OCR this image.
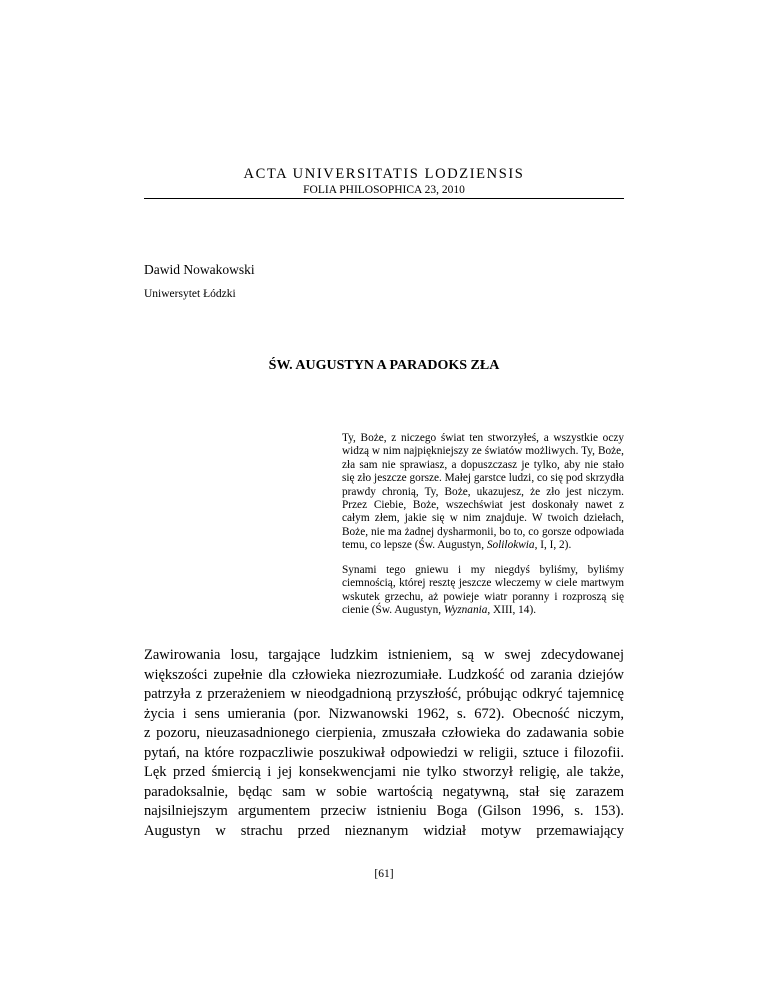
ACTA UNIVERSITATIS LODZIENSIS
FOLIA PHILOSOPHICA 23, 2010
Dawid Nowakowski
Uniwersytet Łódzki
ŚW. AUGUSTYN A PARADOKS ZŁA
Ty, Boże, z niczego świat ten stworzyłeś, a wszystkie oczy widzą w nim najpiękniejszy ze światów możliwych. Ty, Boże, zła sam nie sprawiasz, a dopuszczasz je tylko, aby nie stało się zło jeszcze gorsze. Małej garstce ludzi, co się pod skrzydła prawdy chronią, Ty, Boże, ukazujesz, że zło jest niczym. Przez Ciebie, Boże, wszechświat jest doskonały nawet z całym złem, jakie się w nim znajduje. W twoich dziełach, Boże, nie ma żadnej dysharmonii, bo to, co gorsze odpowiada temu, co lepsze (Św. Augustyn, Solilokwia, I, I, 2).
Synami tego gniewu i my niegdyś byliśmy, byliśmy ciemnością, której resztę jeszcze wleczemy w ciele martwym wskutek grzechu, aż powieje wiatr poranny i rozproszą się cienie (Św. Augustyn, Wyznania, XIII, 14).
Zawirowania losu, targające ludzkim istnieniem, są w swej zdecydowanej
większości zupełnie dla człowieka niezrozumiałe. Ludzkość od zarania dziejów
patrzyła z przerażeniem w nieodgadnioną przyszłość, próbując odkryć tajemnicę
życia i sens umierania (por. Nizwanowski 1962, s. 672). Obecność niczym,
z pozoru, nieuzasadnionego cierpienia, zmuszała człowieka do zadawania sobie
pytań, na które rozpaczliwie poszukiwał odpowiedzi w religii, sztuce i filozofii.
Lęk przed śmiercią i jej konsekwencjami nie tylko stworzył religię, ale także,
paradoksalnie, będąc sam w sobie wartością negatywną, stał się zarazem
najsilniejszym argumentem przeciw istnieniu Boga (Gilson 1996, s. 153).
Augustyn w strachu przed nieznanym widział motyw przemawiający
[61]
